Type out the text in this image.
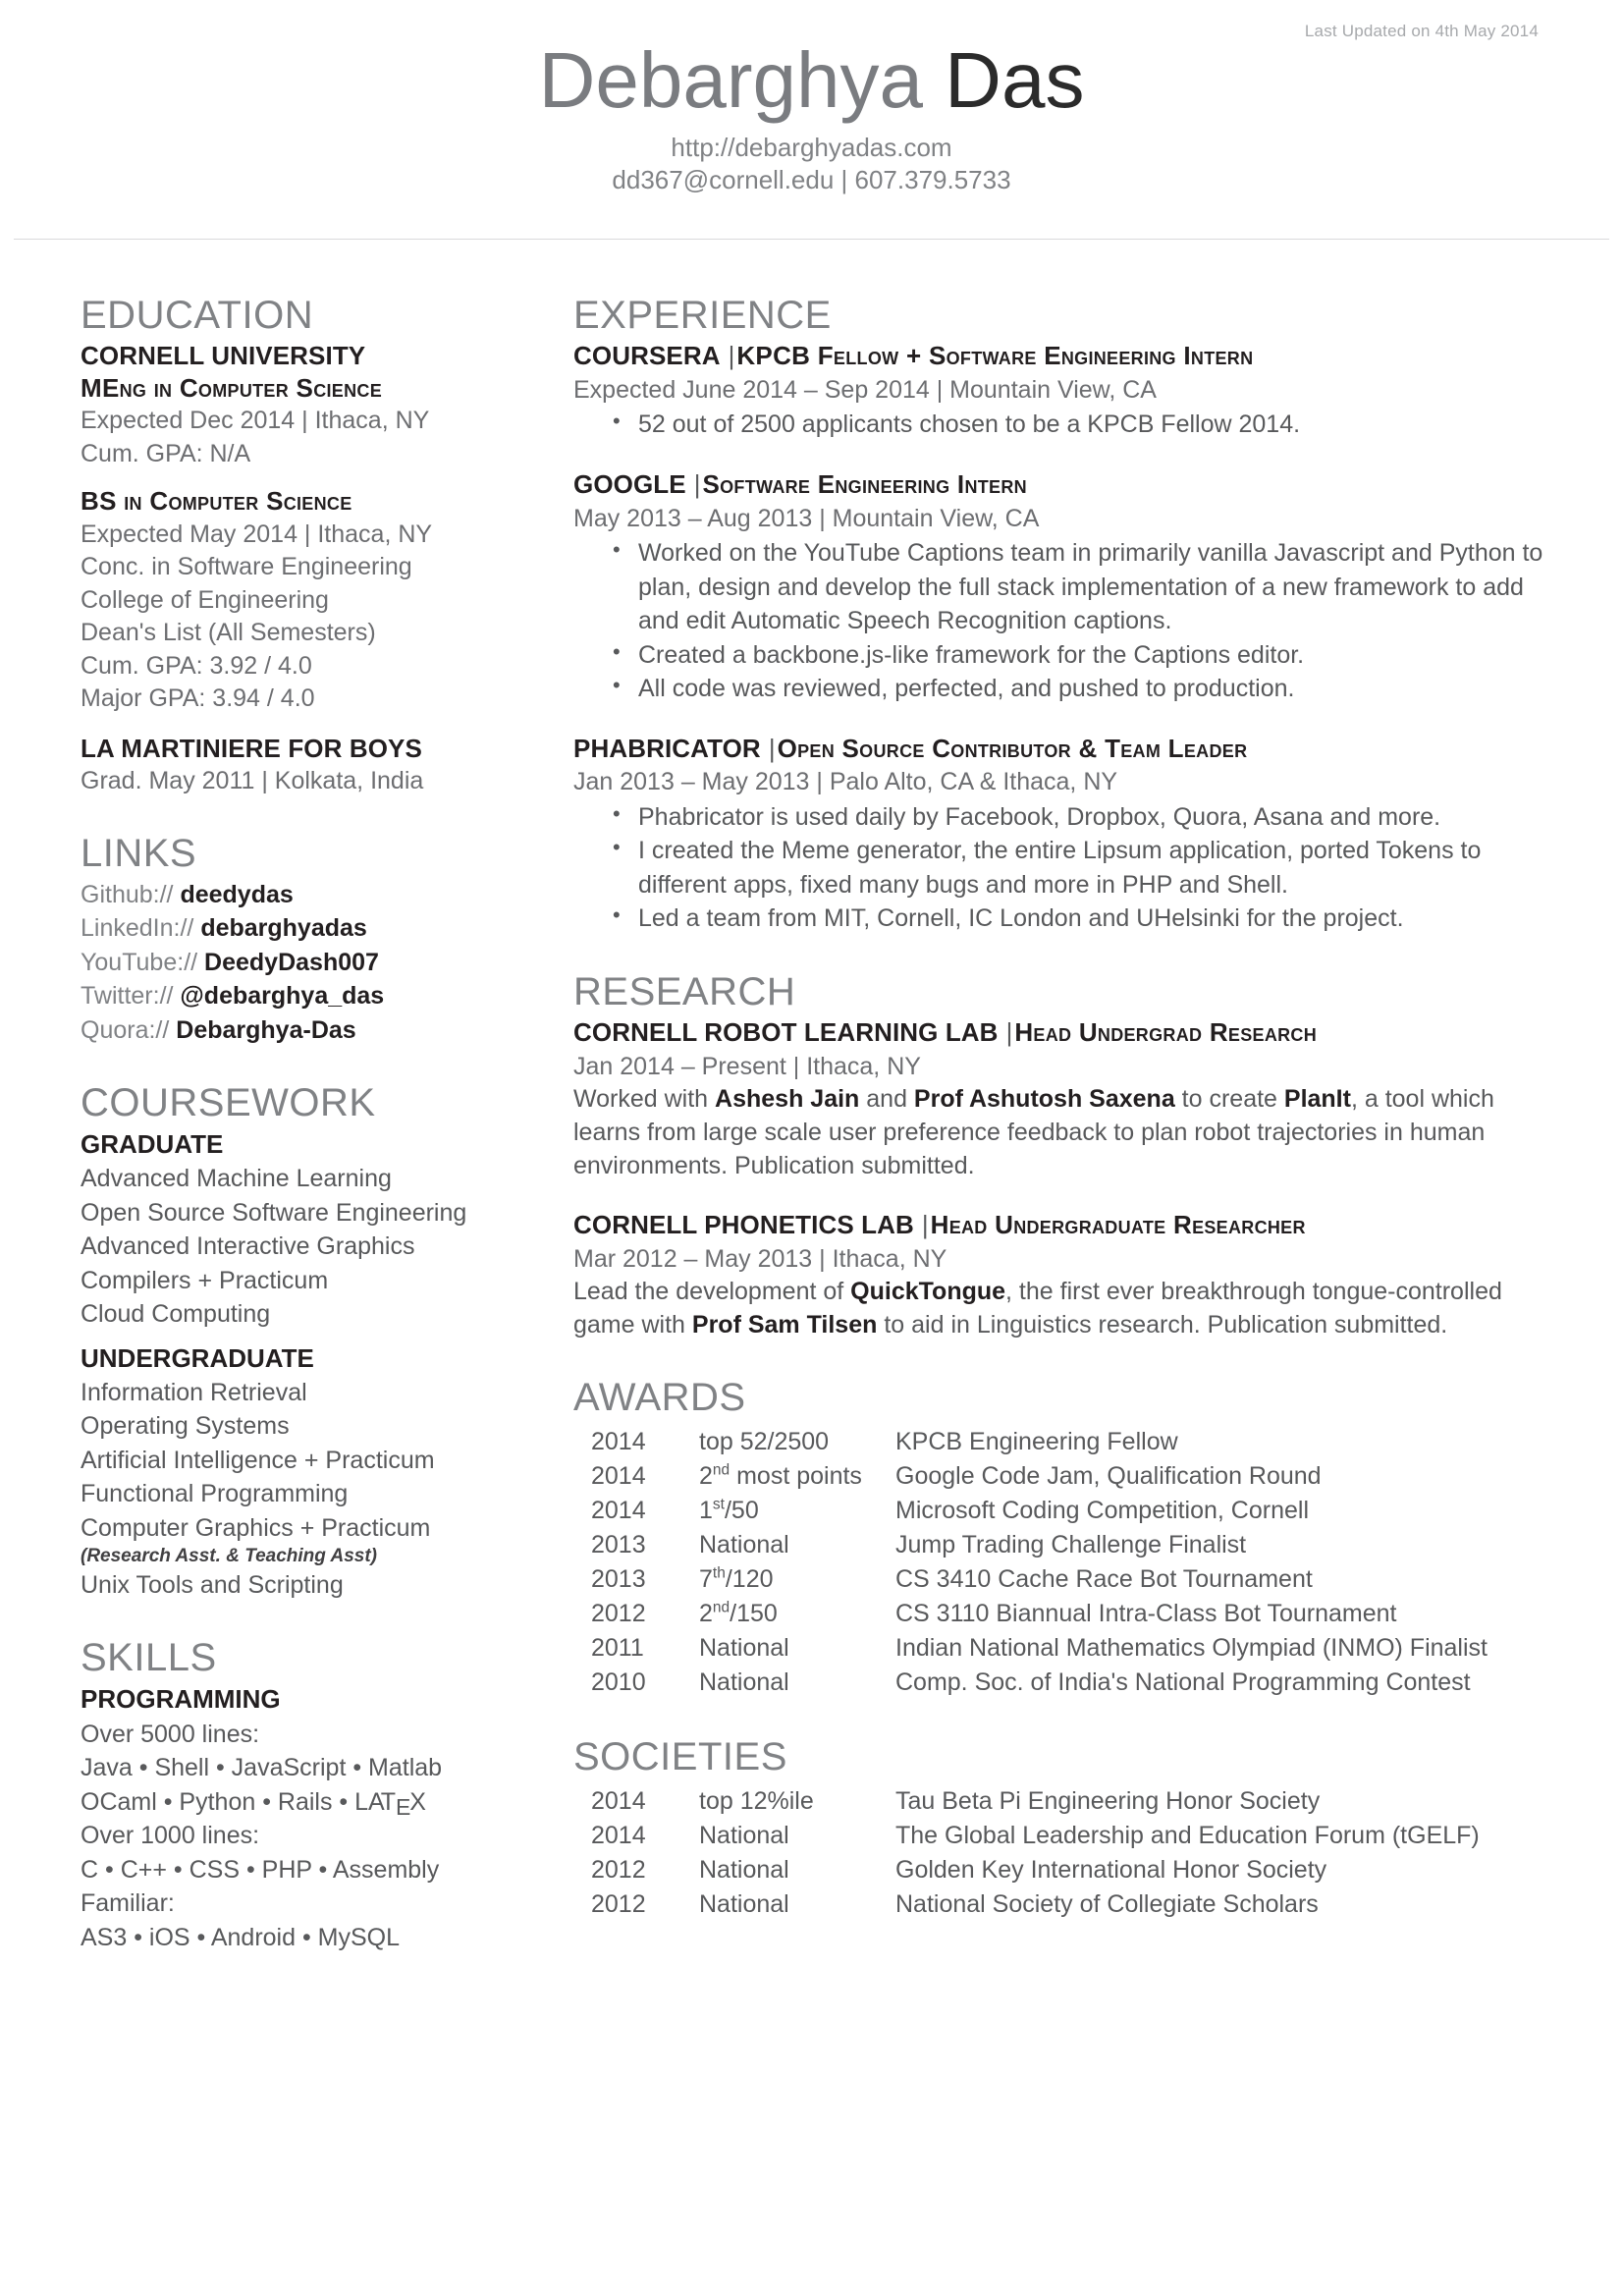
Last Updated on 4th May 2014
Debarghya Das
http://debarghyadas.com
dd367@cornell.edu | 607.379.5733
EDUCATION
CORNELL UNIVERSITY
MEng in Computer Science
Expected Dec 2014 | Ithaca, NY
Cum. GPA: N/A
BS in Computer Science
Expected May 2014 | Ithaca, NY
Conc. in Software Engineering
College of Engineering
Dean's List (All Semesters)
Cum. GPA: 3.92 / 4.0
Major GPA: 3.94 / 4.0
LA MARTINIERE FOR BOYS
Grad. May 2011 | Kolkata, India
LINKS
Github:// deedydas
LinkedIn:// debarghyadas
YouTube:// DeedyDash007
Twitter:// @debarghya_das
Quora:// Debarghya-Das
COURSEWORK
GRADUATE
Advanced Machine Learning
Open Source Software Engineering
Advanced Interactive Graphics
Compilers + Practicum
Cloud Computing
UNDERGRADUATE
Information Retrieval
Operating Systems
Artificial Intelligence + Practicum
Functional Programming
Computer Graphics + Practicum
(Research Asst. & Teaching Asst)
Unix Tools and Scripting
SKILLS
PROGRAMMING
Over 5000 lines:
Java • Shell • JavaScript • Matlab
OCaml • Python • Rails • LATEX
Over 1000 lines:
C • C++ • CSS • PHP • Assembly
Familiar:
AS3 • iOS • Android • MySQL
EXPERIENCE
COURSERA |KPCB Fellow + Software Engineering Intern
Expected June 2014 – Sep 2014 | Mountain View, CA
• 52 out of 2500 applicants chosen to be a KPCB Fellow 2014.
GOOGLE |Software Engineering Intern
May 2013 – Aug 2013 | Mountain View, CA
• Worked on the YouTube Captions team in primarily vanilla Javascript and Python to plan, design and develop the full stack implementation of a new framework to add and edit Automatic Speech Recognition captions.
• Created a backbone.js-like framework for the Captions editor.
• All code was reviewed, perfected, and pushed to production.
PHABRICATOR |Open Source Contributor & Team Leader
Jan 2013 – May 2013 | Palo Alto, CA & Ithaca, NY
• Phabricator is used daily by Facebook, Dropbox, Quora, Asana and more.
• I created the Meme generator, the entire Lipsum application, ported Tokens to different apps, fixed many bugs and more in PHP and Shell.
• Led a team from MIT, Cornell, IC London and UHelsinki for the project.
RESEARCH
CORNELL ROBOT LEARNING LAB |Head Undergrad Research
Jan 2014 – Present | Ithaca, NY
Worked with Ashesh Jain and Prof Ashutosh Saxena to create PlanIt, a tool which learns from large scale user preference feedback to plan robot trajectories in human environments. Publication submitted.
CORNELL PHONETICS LAB |Head Undergraduate Researcher
Mar 2012 – May 2013 | Ithaca, NY
Lead the development of QuickTongue, the first ever breakthrough tongue-controlled game with Prof Sam Tilsen to aid in Linguistics research. Publication submitted.
AWARDS
2014	top 52/2500	KPCB Engineering Fellow
2014	2nd most points	Google Code Jam, Qualification Round
2014	1st/50	Microsoft Coding Competition, Cornell
2013	National	Jump Trading Challenge Finalist
2013	7th/120	CS 3410 Cache Race Bot Tournament
2012	2nd/150	CS 3110 Biannual Intra-Class Bot Tournament
2011	National	Indian National Mathematics Olympiad (INMO) Finalist
2010	National	Comp. Soc. of India's National Programming Contest
SOCIETIES
2014	top 12%ile	Tau Beta Pi Engineering Honor Society
2014	National	The Global Leadership and Education Forum (tGELF)
2012	National	Golden Key International Honor Society
2012	National	National Society of Collegiate Scholars
